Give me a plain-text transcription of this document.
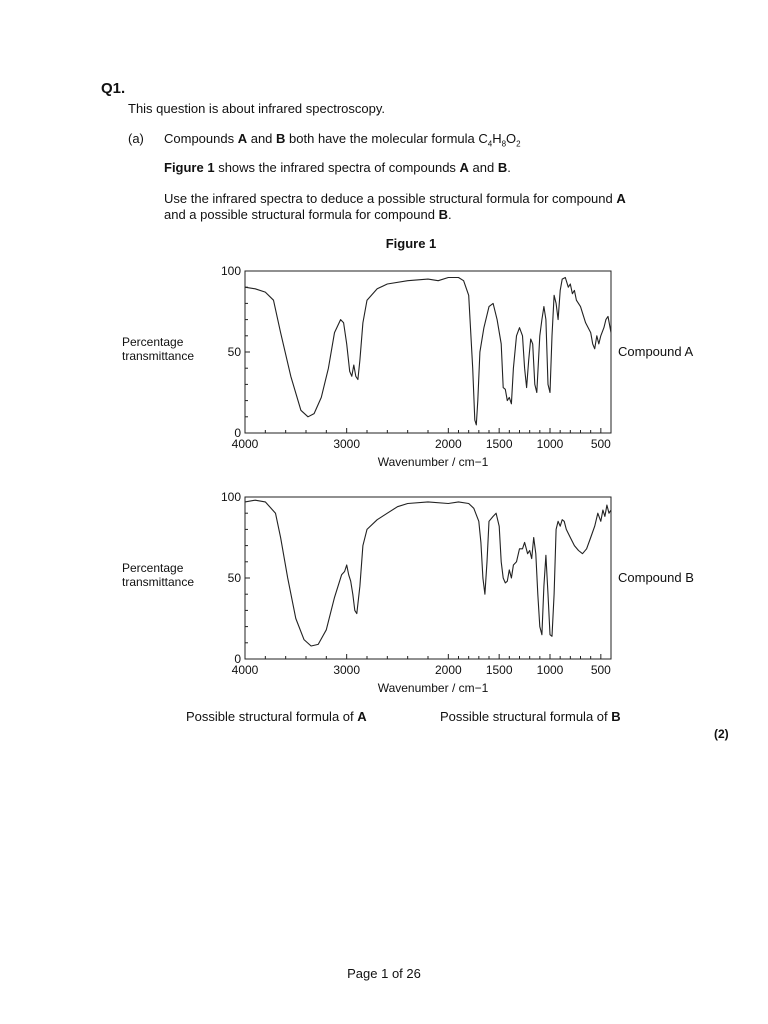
Q1.
This question is about infrared spectroscopy.
(a) Compounds A and B both have the molecular formula $C_4H_8O_2$
Figure 1 shows the infrared spectra of compounds A and B.
Use the infrared spectra to deduce a possible structural formula for compound A
and a possible structural formula for compound B.
Figure 1
0
50
100
4000	3000	2000 1500 1000 500
Wavenumber / cm−1
Percentage
transmittance	Compound A
0
50
100
4000	3000	2000 1500 1000 500
Wavenumber / cm−1
Percentage
transmittance	Compound B
Possible structural formula of A	Possible structural formula of B
(2)
Page 1 of 26
